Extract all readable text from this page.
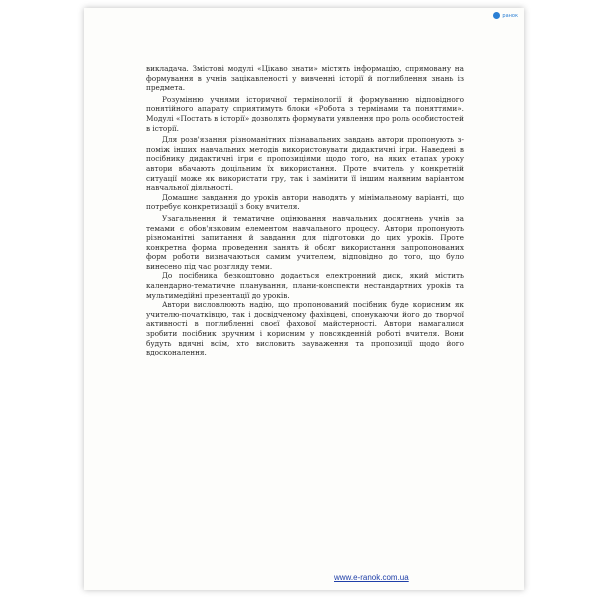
ранок

викладача. Змістові модулі «Цікаво знати» містять інформацію, спрямовану на формування в учнів зацікавленості у вивченні історії й поглиблення знань із предмета.

Розумінню учнями історичної термінології й формуванню відповідного понятійного апарату сприятимуть блоки «Робота з термінами та поняттями». Модулі «Постать в історії» дозволять формувати уявлення про роль особистостей в історії.

Для розв'язання різноманітних пізнавальних завдань автори пропонують з-поміж інших навчальних методів використовувати дидактичні ігри. Наведені в посібнику дидактичні ігри є пропозиціями щодо того, на яких етапах уроку автори вбачають доцільним їх використання. Проте вчитель у конкретній ситуації може як використати гру, так і замінити її іншим наявним варіантом навчальної діяльності.

Домашнє завдання до уроків автори наводять у мінімальному варіанті, що потребує конкретизації з боку вчителя.

Узагальнення й тематичне оцінювання навчальних досягнень учнів за темами є обов'язковим елементом навчального процесу. Автори пропонують різноманітні запитання й завдання для підготовки до цих уроків. Проте конкретна форма проведення занять й обсяг використання запропонованих форм роботи визначаються самим учителем, відповідно до того, що було винесено під час розгляду теми.

До посібника безкоштовно додається електронний диск, який містить календарно-тематичне планування, плани-конспекти нестандартних уроків та мультимедійні презентації до уроків.

Автори висловлюють надію, що пропонований посібник буде корисним як учителю-початківцю, так і досвідченому фахівцеві, спонукаючи його до творчої активності в поглибленні своєї фахової майстерності. Автори намагалися зробити посібник зручним і корисним у повсякденній роботі вчителя. Вони будуть вдячні всім, хто висловить зауваження та пропозиції щодо його вдосконалення.

www.e-ranok.com.ua
